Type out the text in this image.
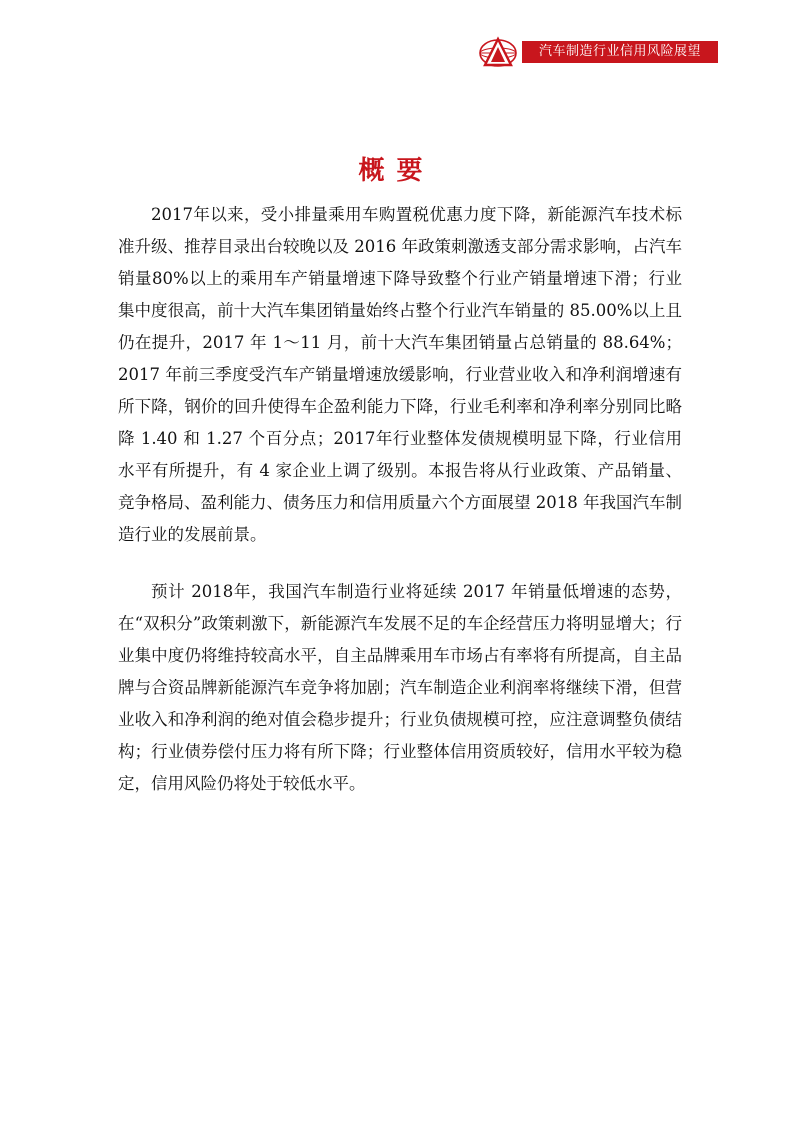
汽车制造行业信用风险展望
概要

2017年以来，受小排量乘用车购置税优惠力度下降，新能源汽车技术标准升级、推荐目录出台较晚以及 2016 年政策刺激透支部分需求影响，占汽车销量80%以上的乘用车产销量增速下降导致整个行业产销量增速下滑；行业集中度很高，前十大汽车集团销量始终占整个行业汽车销量的 85.00%以上且仍在提升，2017 年 1～11 月，前十大汽车集团销量占总销量的 88.64%；2017 年前三季度受汽车产销量增速放缓影响，行业营业收入和净利润增速有所下降，钢价的回升使得车企盈利能力下降，行业毛利率和净利率分别同比略降 1.40 和 1.27 个百分点；2017年行业整体发债规模明显下降，行业信用水平有所提升，有 4 家企业上调了级别。本报告将从行业政策、产品销量、竞争格局、盈利能力、债务压力和信用质量六个方面展望 2018 年我国汽车制造行业的发展前景。

预计 2018年，我国汽车制造行业将延续 2017 年销量低增速的态势，在“双积分”政策刺激下，新能源汽车发展不足的车企经营压力将明显增大；行业集中度仍将维持较高水平，自主品牌乘用车市场占有率将有所提高，自主品牌与合资品牌新能源汽车竞争将加剧；汽车制造企业利润率将继续下滑，但营业收入和净利润的绝对值会稳步提升；行业负债规模可控，应注意调整负债结构；行业债券偿付压力将有所下降；行业整体信用资质较好，信用水平较为稳定，信用风险仍将处于较低水平。
